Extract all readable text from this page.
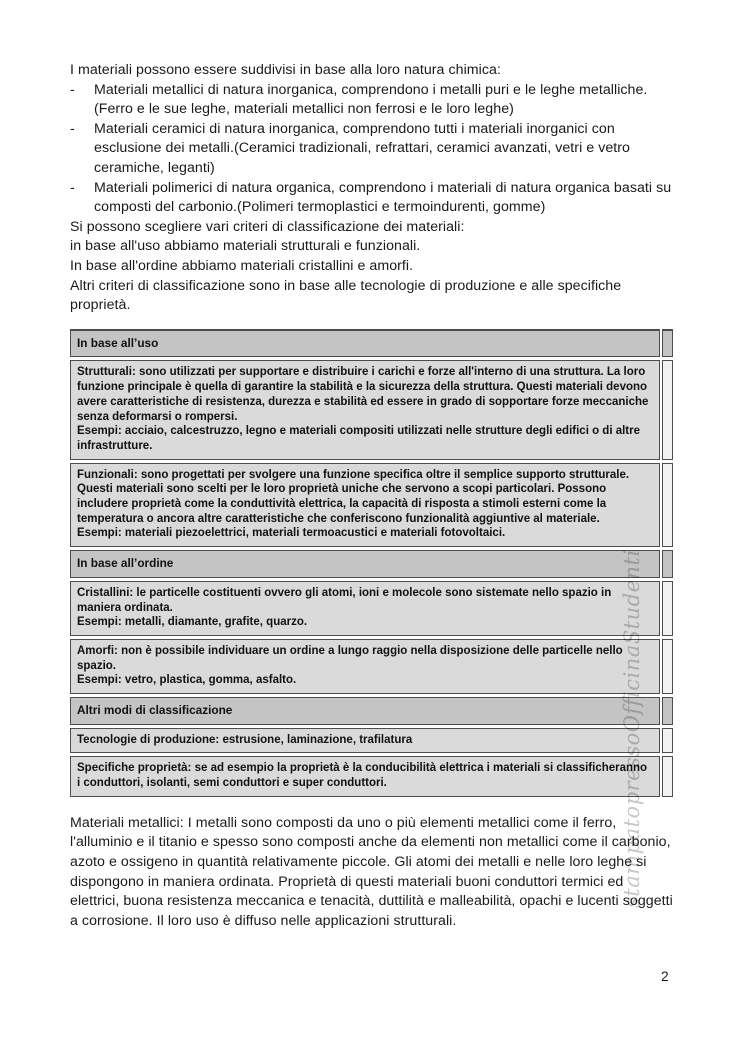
I materiali possono essere suddivisi in base alla loro natura chimica:

-	Materiali metallici di natura inorganica, comprendono i metalli puri e le leghe metalliche.(Ferro e le sue leghe, materiali metallici non ferrosi e le loro leghe)
-	Materiali ceramici di natura inorganica, comprendono tutti i materiali inorganici con esclusione dei metalli.(Ceramici tradizionali, refrattari, ceramici avanzati, vetri e vetro ceramiche, leganti)
-	Materiali polimerici di natura organica, comprendono i materiali di natura organica basati su composti del carbonio.(Polimeri termoplastici e termoindurenti, gomme)

Si possono scegliere vari criteri di classificazione dei materiali:

in base all'uso abbiamo materiali strutturali e funzionali.

In base all'ordine abbiamo materiali cristallini e amorfi.

Altri criteri di classificazione sono in base alle tecnologie di produzione e alle specifiche proprietà.

In base all’uso
Strutturali: sono utilizzati per supportare e distribuire i carichi e forze all'interno di una struttura. La loro funzione principale è quella di garantire la stabilità e la sicurezza della struttura. Questi materiali devono avere caratteristiche di resistenza, durezza e stabilità ed essere in grado di sopportare forze meccaniche senza deformarsi o rompersi.
Esempi: acciaio, calcestruzzo, legno e materiali compositi utilizzati nelle strutture degli edifici o di altre infrastrutture.
Funzionali: sono progettati per svolgere una funzione specifica oltre il semplice supporto strutturale. Questi materiali sono scelti per le loro proprietà uniche che servono a scopi particolari. Possono includere proprietà come la conduttività elettrica, la capacità di risposta a stimoli esterni come la temperatura o ancora altre caratteristiche che conferiscono funzionalità aggiuntive al materiale.
Esempi: materiali piezoelettrici, materiali termoacustici e materiali fotovoltaici.
In base all’ordine
Cristallini: le particelle costituenti ovvero gli atomi, ioni e molecole sono sistemate nello spazio in maniera ordinata.
Esempi: metalli, diamante, grafite, quarzo.
Amorfi: non è possibile individuare un ordine a lungo raggio nella disposizione delle particelle nello spazio.
Esempi: vetro, plastica, gomma, asfalto.
Altri modi di classificazione
Tecnologie di produzione: estrusione, laminazione, trafilatura
Specifiche proprietà: se ad esempio la proprietà è la conducibilità elettrica i materiali si classificheranno i conduttori, isolanti, semi conduttori e super conduttori.

Materiali metallici: I metalli sono composti da uno o più elementi metallici come il ferro, l'alluminio e il titanio e spesso sono composti anche da elementi non metallici come il carbonio, azoto e ossigeno in quantità relativamente piccole. Gli atomi dei metalli e nelle loro leghe si dispongono in maniera ordinata. Proprietà di questi materiali buoni conduttori termici ed elettrici, buona resistenza meccanica e tenacità, duttilità e malleabilità, opachi e lucenti soggetti a corrosione. Il loro uso è diffuso nelle applicazioni strutturali.

stampatopressoOfficinaStudenti
2
